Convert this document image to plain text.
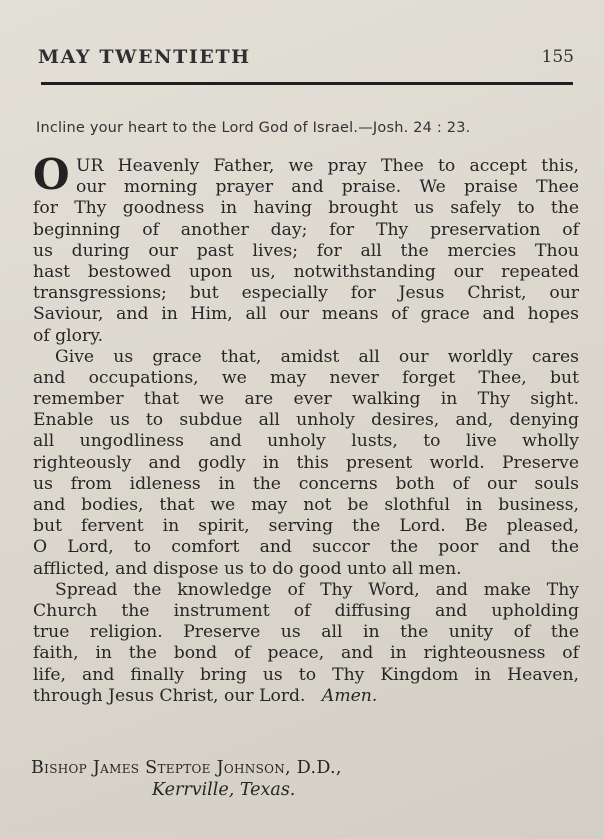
MAY TWENTIETH	155
Incline your heart to the Lord God of Israel.—Josh. 24 : 23.
O UR Heavenly Father, we pray Thee to accept this,
our morning prayer and praise. We praise Thee
for Thy goodness in having brought us safely to the
beginning of another day; for Thy preservation of
us during our past lives; for all the mercies Thou
hast bestowed upon us, notwithstanding our repeated
transgressions; but especially for Jesus Christ, our
Saviour, and in Him, all our means of grace and hopes
of glory.
Give us grace that, amidst all our worldly cares
and occupations, we may never forget Thee, but
remember that we are ever walking in Thy sight.
Enable us to subdue all unholy desires, and, denying
all ungodliness and unholy lusts, to live wholly
righteously and godly in this present world. Preserve
us from idleness in the concerns both of our souls
and bodies, that we may not be slothful in business,
but fervent in spirit, serving the Lord. Be pleased,
O Lord, to comfort and succor the poor and the
afflicted, and dispose us to do good unto all men.
Spread the knowledge of Thy Word, and make Thy
Church the instrument of diffusing and upholding
true religion. Preserve us all in the unity of the
faith, in the bond of peace, and in righteousness of
life, and finally bring us to Thy Kingdom in Heaven,
through Jesus Christ, our Lord. Amen.
Bishop James Steptoe Johnson, D.D.,
Kerrville, Texas.
